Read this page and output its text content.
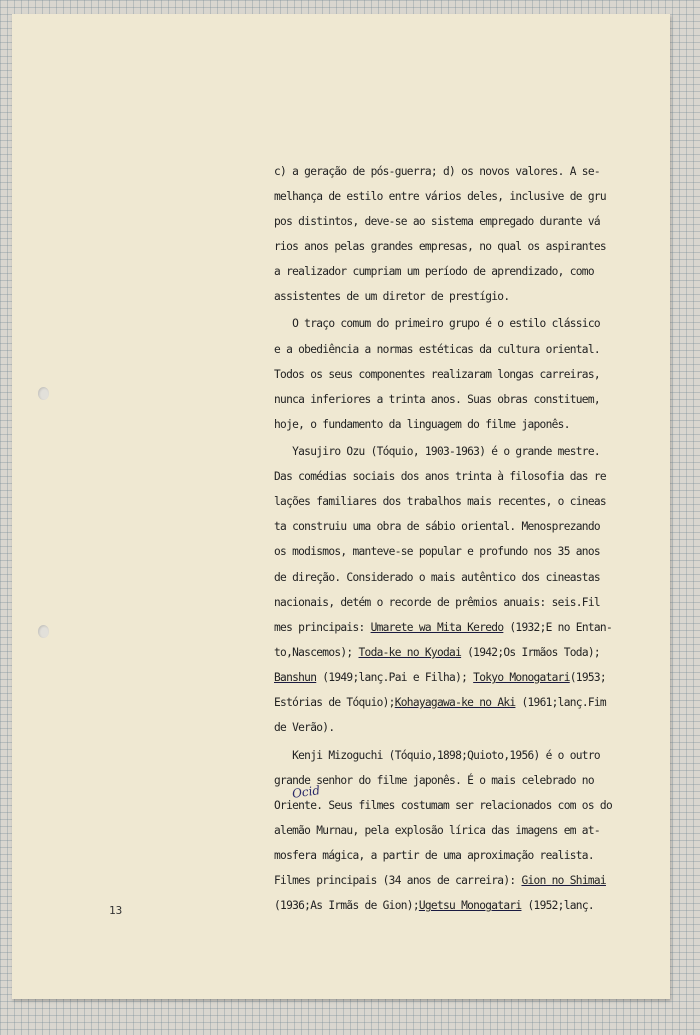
c) a geração de pós-guerra; d) os novos valores. A se-
melhança de estilo entre vários deles, inclusive de gru
pos distintos, deve-se ao sistema empregado durante vá
rios anos pelas grandes empresas, no qual os aspirantes
a realizador cumpriam um período de aprendizado, como
assistentes de um diretor de prestígio.
O traço comum do primeiro grupo é o estilo clássico
e a obediência a normas estéticas da cultura oriental.
Todos os seus componentes realizaram longas carreiras,
nunca inferiores a trinta anos. Suas obras constituem,
hoje, o fundamento da linguagem do filme japonês.
Yasujiro Ozu (Tóquio, 1903-1963) é o grande mestre.
Das comédias sociais dos anos trinta à filosofia das re
lações familiares dos trabalhos mais recentes, o cineas
ta construiu uma obra de sábio oriental. Menosprezando
os modismos, manteve-se popular e profundo nos 35 anos
de direção. Considerado o mais autêntico dos cineastas
nacionais, detém o recorde de prêmios anuais: seis.Fil
mes principais: Umarete wa Mita Keredo (1932;E no Entan-
to,Nascemos); Toda-ke no Kyodai (1942;Os Irmãos Toda);
Banshun (1949;lanç.Pai e Filha); Tokyo Monogatari(1953;
Estórias de Tóquio);Kohayagawa-ke no Aki (1961;lanç.Fim
de Verão).
Kenji Mizoguchi (Tóquio,1898;Quioto,1956) é o outro
grande senhor do filme japonês. É o mais celebrado no
Oriente. Seus filmes costumam ser relacionados com os do
alemão Murnau, pela explosão lírica das imagens em at-
mosfera mágica, a partir de uma aproximação realista.
Filmes principais (34 anos de carreira): Gion no Shimai
(1936;As Irmãs de Gion);Ugetsu Monogatari (1952;lanç.
Ocid
13
